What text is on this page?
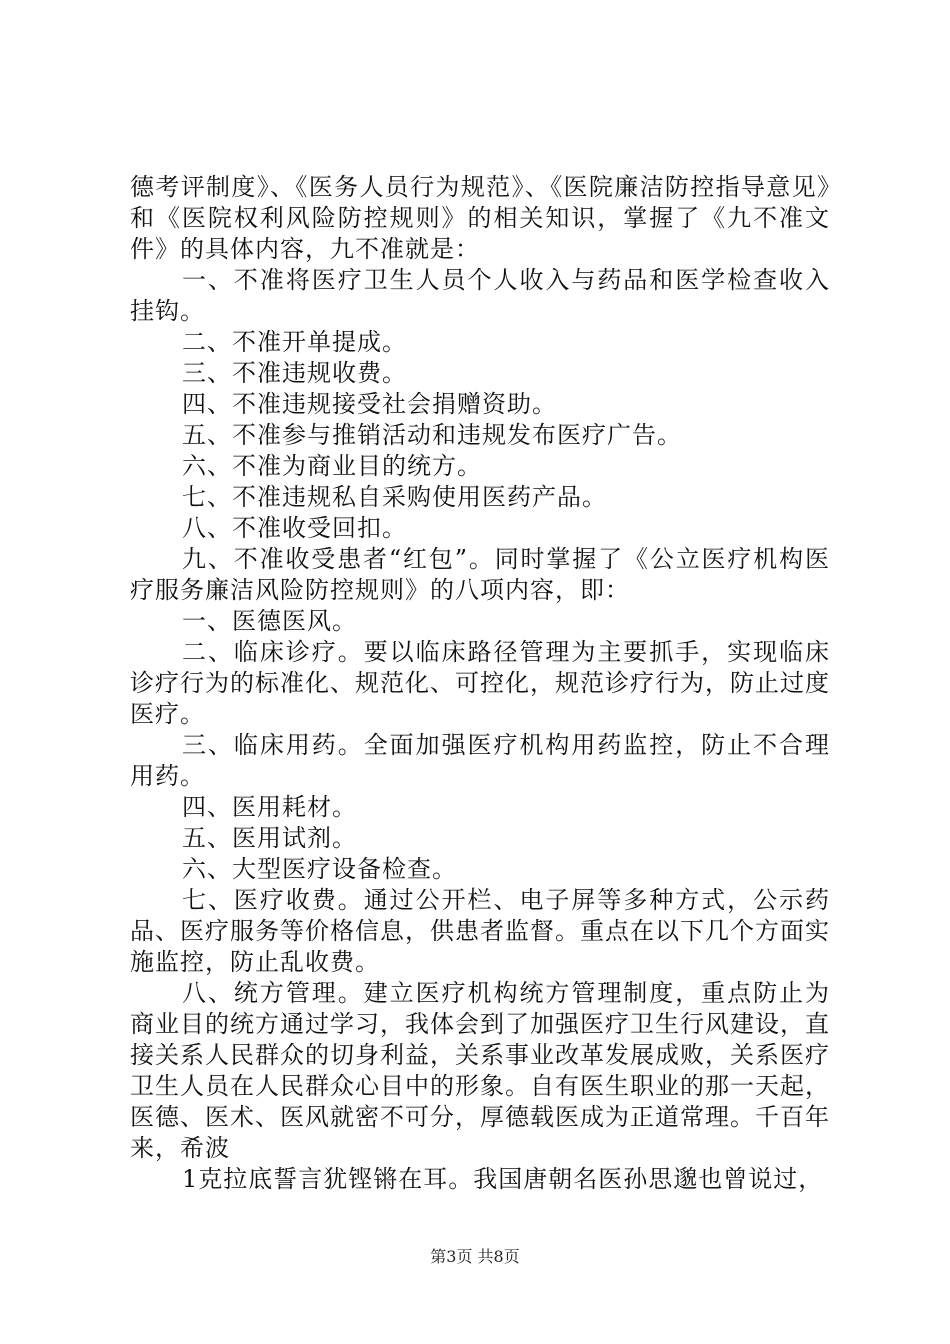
德考评制度》、《医务人员行为规范》、《医院廉洁防控指导意见》和《医院权利风险防控规则》的相关知识，掌握了《九不准文件》的具体内容，九不准就是：

一、不准将医疗卫生人员个人收入与药品和医学检查收入挂钩。

二、不准开单提成。

三、不准违规收费。

四、不准违规接受社会捐赠资助。

五、不准参与推销活动和违规发布医疗广告。

六、不准为商业目的统方。

七、不准违规私自采购使用医药产品。

八、不准收受回扣。

九、不准收受患者“红包”。同时掌握了《公立医疗机构医疗服务廉洁风险防控规则》的八项内容，即：

一、医德医风。

二、临床诊疗。要以临床路径管理为主要抓手，实现临床诊疗行为的标准化、规范化、可控化，规范诊疗行为，防止过度医疗。

三、临床用药。全面加强医疗机构用药监控，防止不合理用药。

四、医用耗材。

五、医用试剂。

六、大型医疗设备检查。

七、医疗收费。通过公开栏、电子屏等多种方式，公示药品、医疗服务等价格信息，供患者监督。重点在以下几个方面实施监控，防止乱收费。

八、统方管理。建立医疗机构统方管理制度，重点防止为商业目的统方通过学习，我体会到了加强医疗卫生行风建设，直接关系人民群众的切身利益，关系事业改革发展成败，关系医疗卫生人员在人民群众心目中的形象。自有医生职业的那一天起，医德、医术、医风就密不可分，厚德载医成为正道常理。千百年来，希波

1克拉底誓言犹铿锵在耳。我国唐朝名医孙思邈也曾说过，

第3页 共8页
